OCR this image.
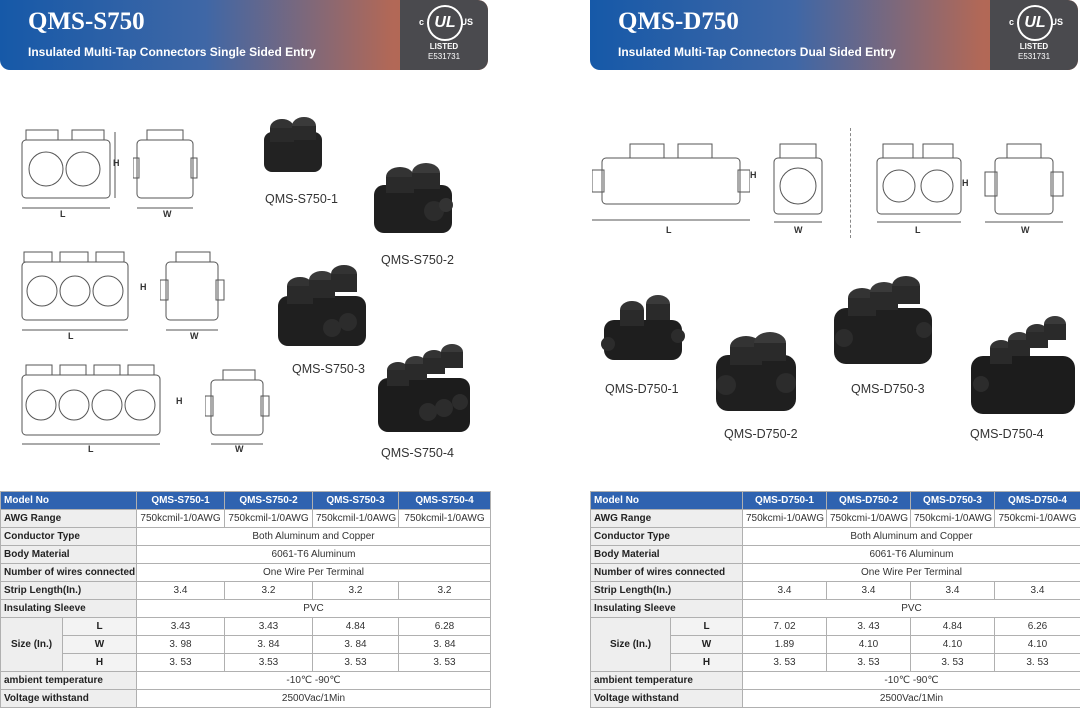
QMS-S750
Insulated Multi-Tap Connectors Single Sided Entry
c UL US
LISTED
E531731
L
H
W
L
H
W
L
H
W
QMS-S750-1
QMS-S750-2
QMS-S750-3
QMS-S750-4
Model No		QMS-S750-1	QMS-S750-2	QMS-S750-3	QMS-S750-4
AWG Range		750kcmil-1/0AWG	750kcmil-1/0AWG	750kcmil-1/0AWG	750kcmil-1/0AWG
Conductor Type		Both Aluminum and Copper			
Body Material		6061-T6 Aluminum			
Number of wires connected		One Wire Per Terminal			
Strip Length(In.)		3.4	3.2	3.2	3.2
Insulating Sleeve		PVC			
Size (In.)	L	3.43	3.43	4.84	6.28
	W	3. 98	3. 84	3. 84	3. 84
	H	3. 53	3.53	3. 53	3. 53
ambient temperature		-10℃ -90℃			
Voltage withstand		2500Vac/1Min			
QMS-D750
Insulated Multi-Tap Connectors Dual Sided Entry
c UL US
LISTED
E531731
L
H
W	L
H
W
QMS-D750-1
QMS-D750-2
QMS-D750-3
QMS-D750-4
Model No		QMS-D750-1	QMS-D750-2	QMS-D750-3	QMS-D750-4
AWG Range		750kcmi-1/0AWG	750kcmi-1/0AWG	750kcmi-1/0AWG	750kcmi-1/0AWG
Conductor Type		Both Aluminum and Copper			
Body Material		6061-T6 Aluminum			
Number of wires connected		One Wire Per Terminal			
Strip Length(In.)		3.4	3.4	3.4	3.4
Insulating Sleeve		PVC			
Size (In.)	L	7. 02	3. 43	4.84	6.26
	W	1.89	4.10	4.10	4.10
	H	3. 53	3. 53	3. 53	3. 53
ambient temperature		-10℃ -90℃			
Voltage withstand		2500Vac/1Min			
